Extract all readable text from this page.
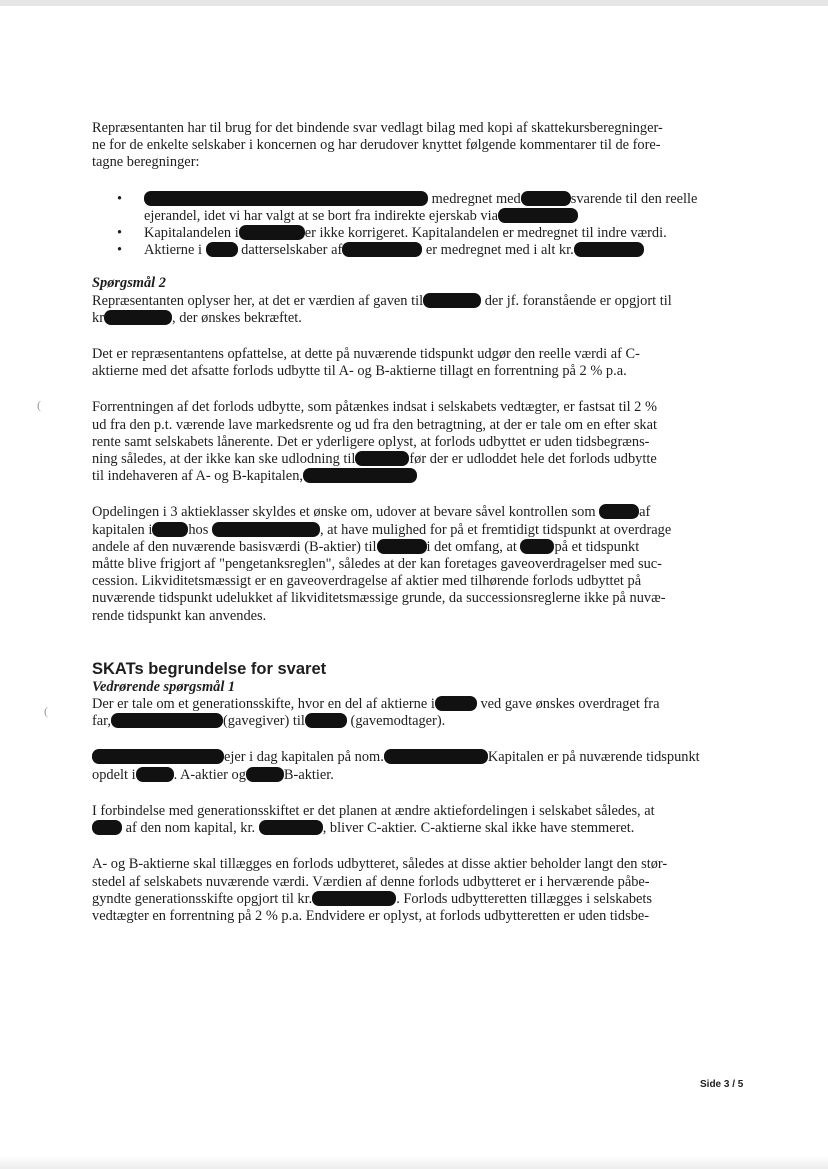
(
(

Repræsentanten har til brug for det bindende svar vedlagt bilag med kopi af skattekursberegninger-
ne for de enkelte selskaber i koncernen og har derudover knyttet følgende kommentarer til de fore-
tagne beregninger:

• medregnet med	svarende til den reelle
ejerandel, idet vi har valgt at se bort fra indirekte ejerskab via
• Kapitalandelen i	er ikke korrigeret. Kapitalandelen er medregnet til indre værdi.
• Aktierne i	datterselskaber af	er medregnet med i alt kr.

Spørgsmål 2
Repræsentanten oplyser her, at det er værdien af gaven til	der jf. foranstående er opgjort til
kr	, der ønskes bekræftet.

Det er repræsentantens opfattelse, at dette på nuværende tidspunkt udgør den reelle værdi af C-
aktierne med det afsatte forlods udbytte til A- og B-aktierne tillagt en forrentning på 2 % p.a.

Forrentningen af det forlods udbytte, som påtænkes indsat i selskabets vedtægter, er fastsat til 2 %
ud fra den p.t. værende lave markedsrente og ud fra den betragtning, at der er tale om en efter skat
rente samt selskabets lånerente. Det er yderligere oplyst, at forlods udbyttet er uden tidsbegræns-
ning således, at der ikke kan ske udlodning til	før der er udloddet hele det forlods udbytte
til indehaveren af A- og B-kapitalen,

Opdelingen i 3 aktieklasser skyldes et ønske om, udover at bevare såvel kontrollen som	af
kapitalen i	hos	, at have mulighed for på et fremtidigt tidspunkt at overdrage
andele af den nuværende basisværdi (B-aktier) til	i det omfang, at	på et tidspunkt
måtte blive frigjort af "pengetanksreglen", således at der kan foretages gaveoverdragelser med suc-
cession. Likviditetsmæssigt er en gaveoverdragelse af aktier med tilhørende forlods udbyttet på
nuværende tidspunkt udelukket af likviditetsmæssige grunde, da successionsreglerne ikke på nuvæ-
rende tidspunkt kan anvendes.

SKATs begrundelse for svaret

Vedrørende spørgsmål 1
Der er tale om et generationsskifte, hvor en del af aktierne i	ved gave ønskes overdraget fra
far,	(gavegiver) til	(gavemodtager).

ejer i dag kapitalen på nom.	Kapitalen er på nuværende tidspunkt
opdelt i	. A-aktier og	B-aktier.

I forbindelse med generationsskiftet er det planen at ændre aktiefordelingen i selskabet således, at
af den nom kapital, kr.	, bliver C-aktier. C-aktierne skal ikke have stemmeret.

A- og B-aktierne skal tillægges en forlods udbytteret, således at disse aktier beholder langt den stør-
stedel af selskabets nuværende værdi. Værdien af denne forlods udbytteret er i herværende påbe-
gyndte generationsskifte opgjort til kr.	. Forlods udbytteretten tillægges i selskabets
vedtægter en forrentning på 2 % p.a. Endvidere er oplyst, at forlods udbytteretten er uden tidsbe-

Side 3 / 5
